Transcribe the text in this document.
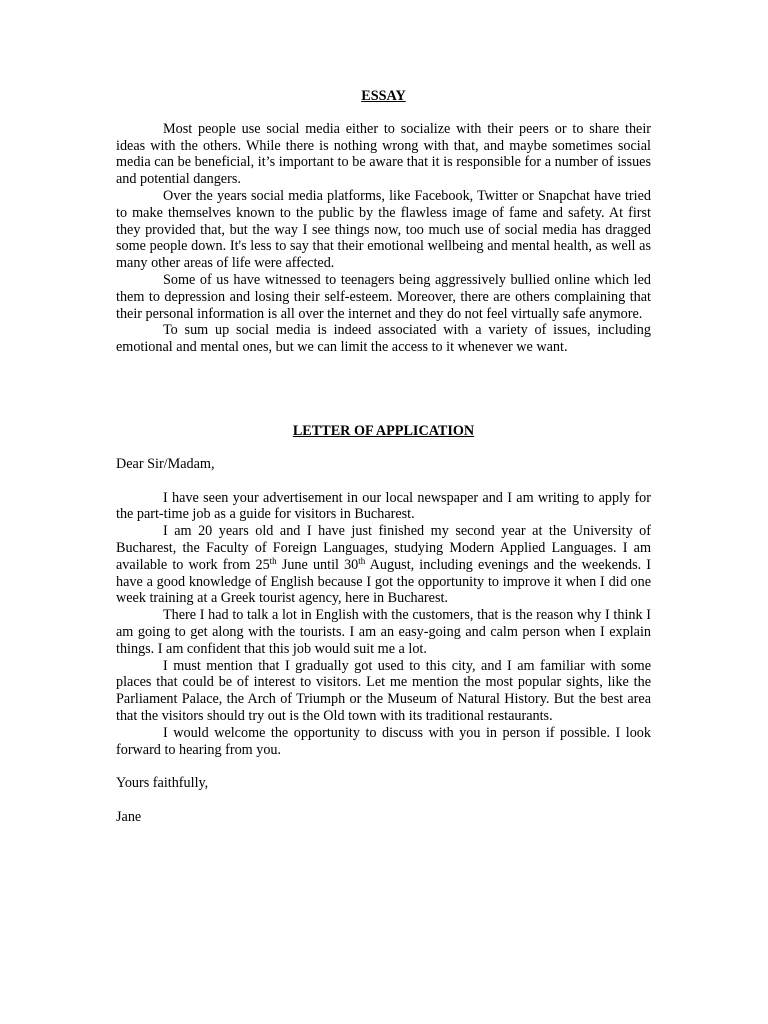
ESSAY

Most people use social media either to socialize with their peers or to share their ideas with the others. While there is nothing wrong with that, and maybe sometimes social media can be beneficial, it’s important to be aware that it is responsible for a number of issues and potential dangers.

Over the years social media platforms, like Facebook, Twitter or Snapchat have tried to make themselves known to the public by the flawless image of fame and safety. At first they provided that, but the way I see things now, too much use of social media has dragged some people down. It's less to say that their emotional wellbeing and mental health, as well as many other areas of life were affected.

Some of us have witnessed to teenagers being aggressively bullied online which led them to depression and losing their self-esteem. Moreover, there are others complaining that their personal information is all over the internet and they do not feel virtually safe anymore.

To sum up social media is indeed associated with a variety of issues, including emotional and mental ones, but we can limit the access to it whenever we want.

LETTER OF APPLICATION

Dear Sir/Madam,

I have seen your advertisement in our local newspaper and I am writing to apply for the part-time job as a guide for visitors in Bucharest.

I am 20 years old and I have just finished my second year at the University of Bucharest, the Faculty of Foreign Languages, studying Modern Applied Languages. I am available to work from 25th June until 30th August, including evenings and the weekends. I have a good knowledge of English because I got the opportunity to improve it when I did one week training at a Greek tourist agency, here in Bucharest.

There I had to talk a lot in English with the customers, that is the reason why I think I am going to get along with the tourists. I am an easy-going and calm person when I explain things. I am confident that this job would suit me a lot.

I must mention that I gradually got used to this city, and I am familiar with some places that could be of interest to visitors. Let me mention the most popular sights, like the Parliament Palace, the Arch of Triumph or the Museum of Natural History. But the best area that the visitors should try out is the Old town with its traditional restaurants.

I would welcome the opportunity to discuss with you in person if possible. I look forward to hearing from you.

Yours faithfully,

Jane
